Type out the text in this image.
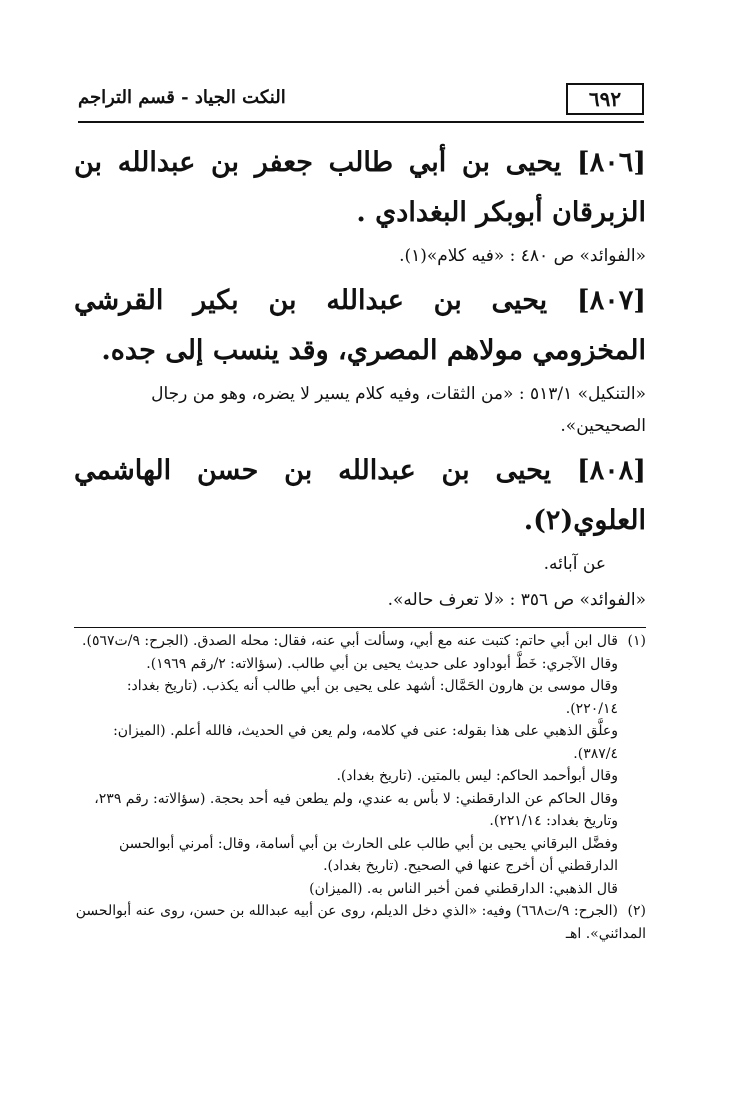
٦٩٢
النكت الجياد - قسم التراجم

[٨٠٦] يحيى بن أبي طالب جعفر بن عبدالله بن الزبرقان أبوبكر البغدادي .

«الفوائد» ص ٤٨٠ : «فيه كلام»(١).

[٨٠٧] يحيى بن عبدالله بن بكير القرشي المخزومي مولاهم المصري، وقد ينسب إلى جده.

«التنكيل» ٥١٣/١ : «من الثقات، وفيه كلام يسير لا يضره، وهو من رجال الصحيحين».

[٨٠٨] يحيى بن عبدالله بن حسن الهاشمي العلوي(٢).

عن آبائه.

«الفوائد» ص ٣٥٦ : «لا تعرف حاله».

(١)قال ابن أبي حاتم: كتبت عنه مع أبي، وسألت أبي عنه، فقال: محله الصدق. (الجرح: ٩/ت٥٦٧).

وقال الآجري: خَطَّ أبوداود على حديث يحيى بن أبي طالب. (سؤالاته: ٢/رقم ١٩٦٩).

وقال موسى بن هارون الحَمَّال: أشهد على يحيى بن أبي طالب أنه يكذب. (تاريخ بغداد: ٢٢٠/١٤).

وعلَّق الذهبي على هذا بقوله: عنى في كلامه، ولم يعن في الحديث، فالله أعلم. (الميزان: ٣٨٧/٤).

وقال أبوأحمد الحاكم: ليس بالمتين. (تاريخ بغداد).

وقال الحاكم عن الدارقطني: لا بأس به عندي، ولم يطعن فيه أحد بحجة. (سؤالاته: رقم ٢٣٩، وتاريخ بغداد: ٢٢١/١٤).

وفضَّل البرقاني يحيى بن أبي طالب على الحارث بن أبي أسامة، وقال: أمرني أبوالحسن الدارقطني أن أخرج عنها في الصحيح. (تاريخ بغداد).

قال الذهبي: الدارقطني فمن أخبر الناس به. (الميزان)

(٢)(الجرح: ٩/ت٦٦٨) وفيه: «الذي دخل الديلم، روى عن أبيه عبدالله بن حسن، روى عنه أبوالحسن المدائني». اهـ
